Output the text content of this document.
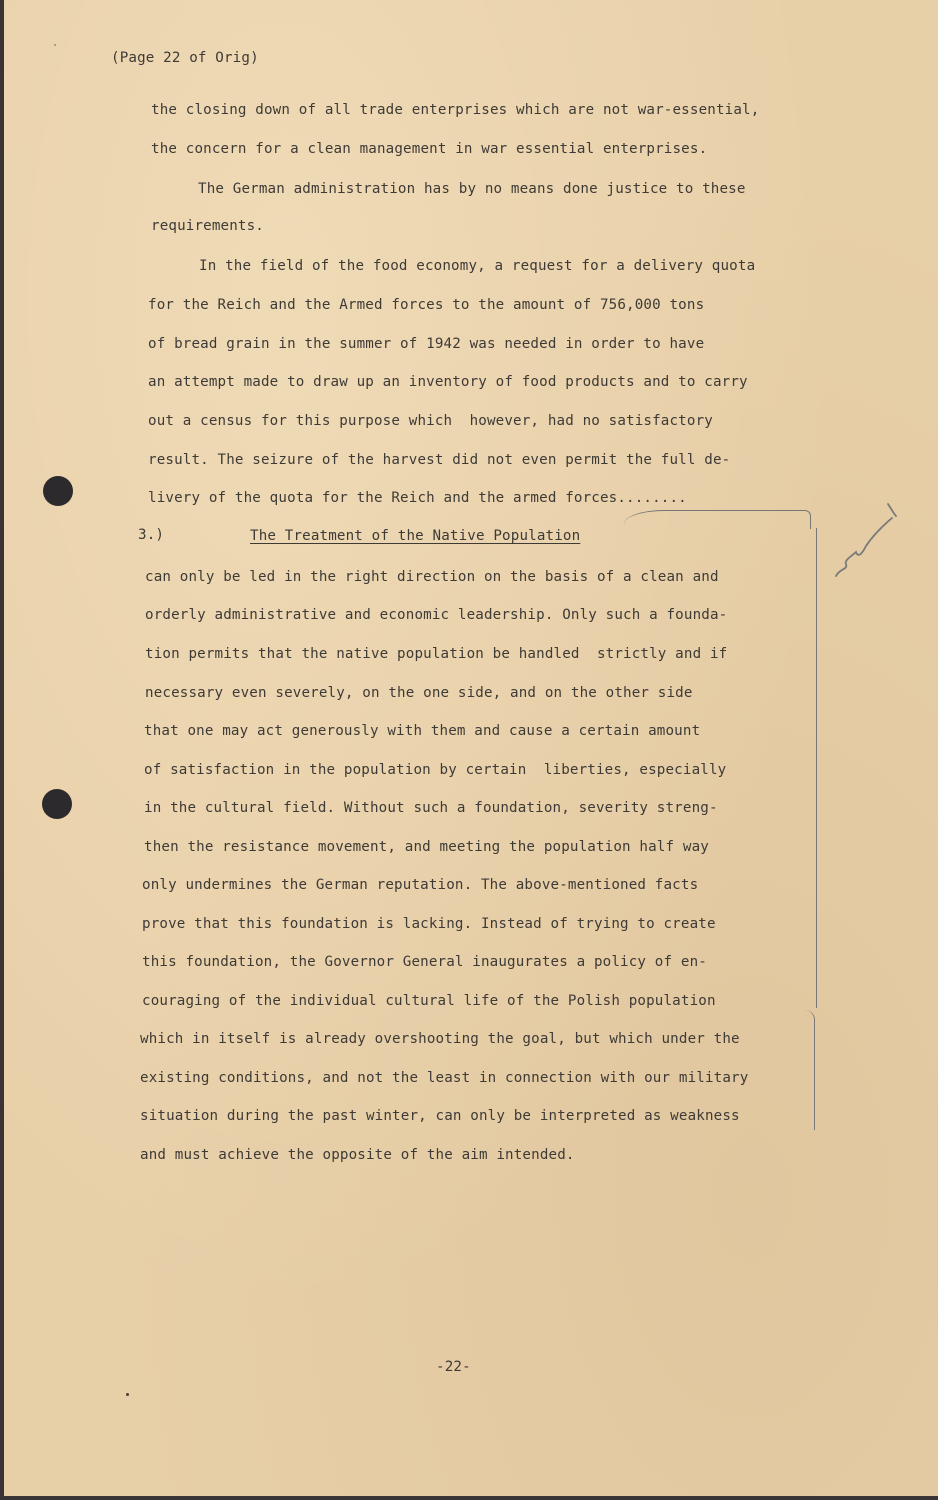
(Page 22 of Orig)
the closing down of all trade enterprises which are not war-essential,
the concern for a clean management in war essential enterprises.
The German administration has by no means done justice to these
requirements.
In the field of the food economy, a request for a delivery quota
for the Reich and the Armed forces to the amount of 756,000 tons
of bread grain in the summer of 1942 was needed in order to have
an attempt made to draw up an inventory of food products and to carry
out a census for this purpose which  however, had no satisfactory
result. The seizure of the harvest did not even permit the full de-
livery of the quota for the Reich and the armed forces........
3.)	The Treatment of the Native Population
can only be led in the right direction on the basis of a clean and
orderly administrative and economic leadership. Only such a founda-
tion permits that the native population be handled  strictly and if
necessary even severely, on the one side, and on the other side
that one may act generously with them and cause a certain amount
of satisfaction in the population by certain  liberties, especially
in the cultural field. Without such a foundation, severity streng-
then the resistance movement, and meeting the population half way
only undermines the German reputation. The above-mentioned facts
prove that this foundation is lacking. Instead of trying to create
this foundation, the Governor General inaugurates a policy of en-
couraging of the individual cultural life of the Polish population
which in itself is already overshooting the goal, but which under the
existing conditions, and not the least in connection with our military
situation during the past winter, can only be interpreted as weakness
and must achieve the opposite of the aim intended.
-22-
